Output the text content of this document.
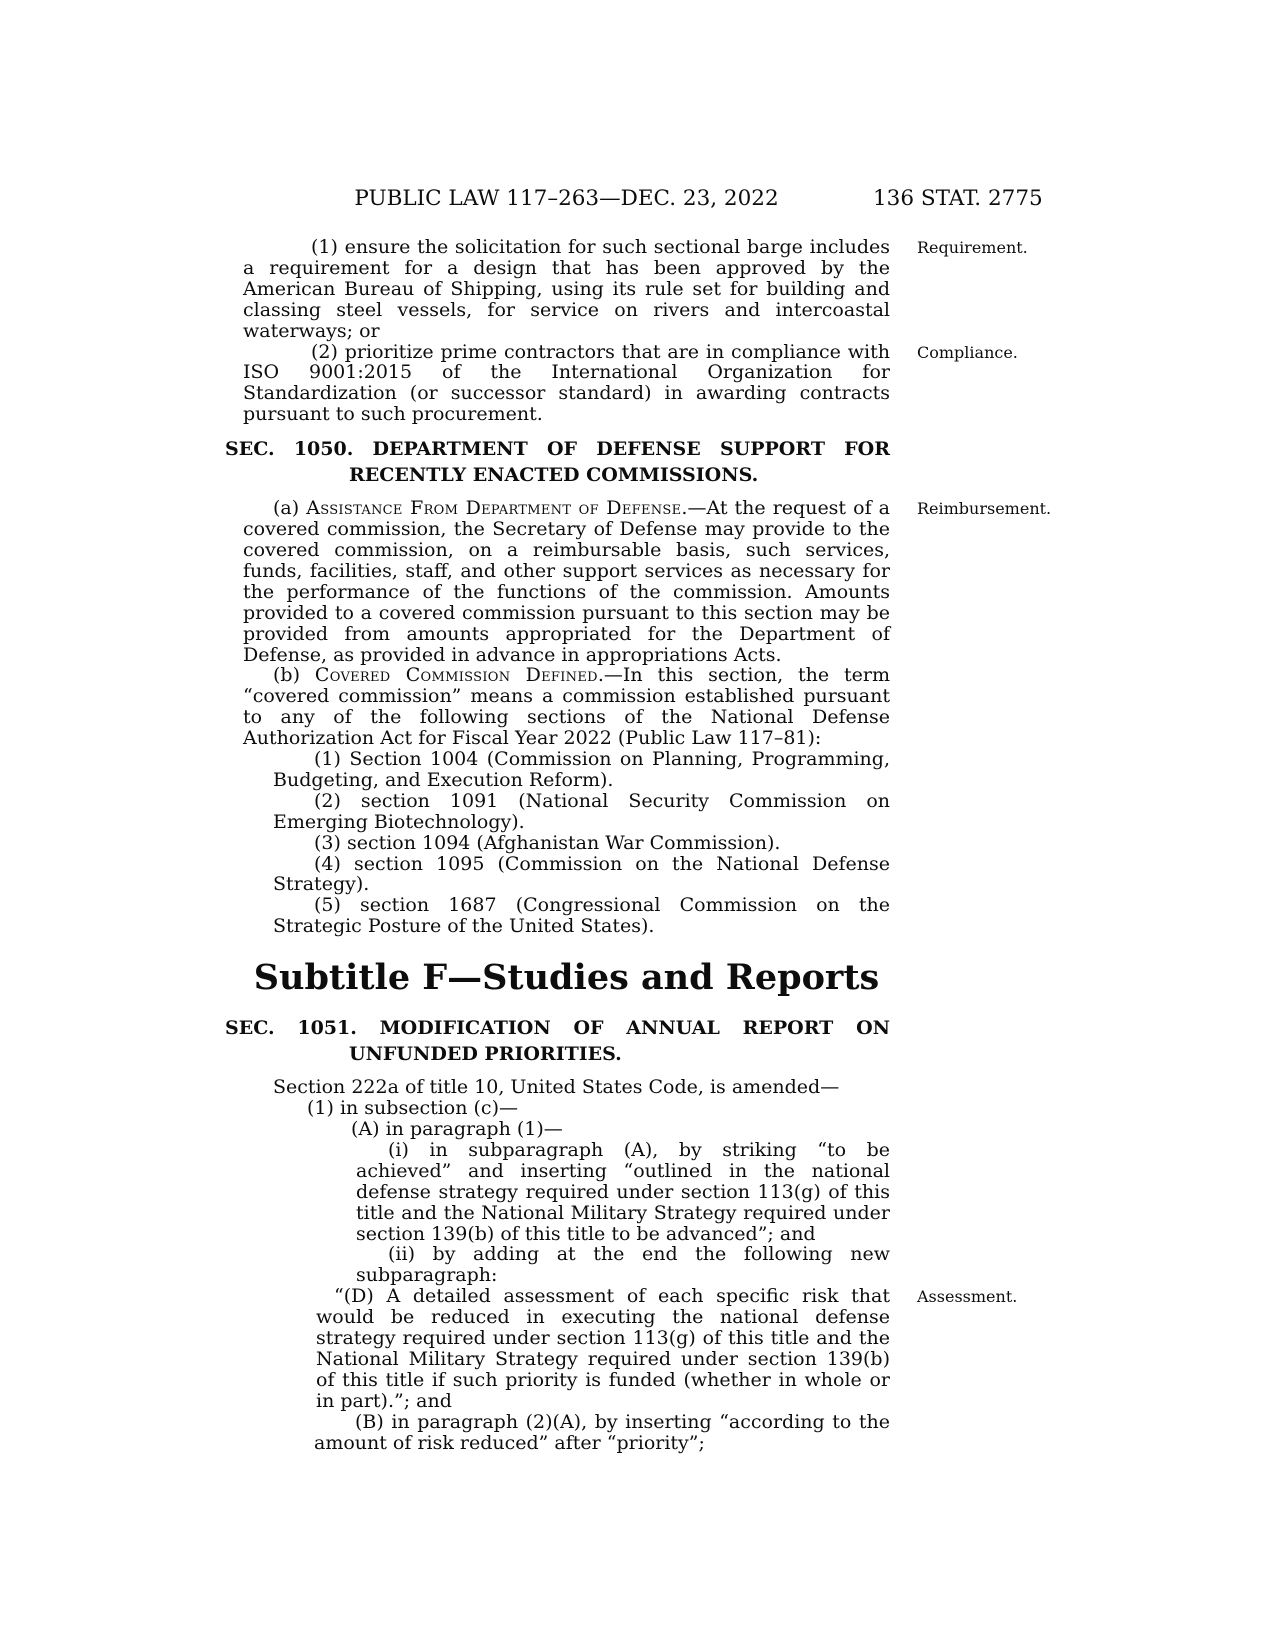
PUBLIC LAW 117–263—DEC. 23, 2022	136 STAT. 2775

(1) ensure the solicitation for such sectional barge includes a requirement for a design that has been approved by the American Bureau of Shipping, using its rule set for building and classing steel vessels, for service on rivers and intercoastal waterways; or
Requirement.

(2) prioritize prime contractors that are in compliance with ISO 9001:2015 of the International Organization for Standardization (or successor standard) in awarding contracts pursuant to such procurement.
Compliance.

SEC. 1050. DEPARTMENT OF DEFENSE SUPPORT FOR RECENTLY ENACTED COMMISSIONS.

(a) Assistance From Department of Defense.—At the request of a covered commission, the Secretary of Defense may provide to the covered commission, on a reimbursable basis, such services, funds, facilities, staff, and other support services as necessary for the performance of the functions of the commission. Amounts provided to a covered commission pursuant to this section may be provided from amounts appropriated for the Department of Defense, as provided in advance in appropriations Acts.
Reimbursement.

(b) Covered Commission Defined.—In this section, the term “covered commission” means a commission established pursuant to any of the following sections of the National Defense Authorization Act for Fiscal Year 2022 (Public Law 117–81):

(1) Section 1004 (Commission on Planning, Programming, Budgeting, and Execution Reform).

(2) section 1091 (National Security Commission on Emerging Biotechnology).

(3) section 1094 (Afghanistan War Commission).

(4) section 1095 (Commission on the National Defense Strategy).

(5) section 1687 (Congressional Commission on the Strategic Posture of the United States).

Subtitle F—Studies and Reports

SEC. 1051. MODIFICATION OF ANNUAL REPORT ON UNFUNDED PRIORITIES.

Section 222a of title 10, United States Code, is amended—

(1) in subsection (c)—

(A) in paragraph (1)—

(i) in subparagraph (A), by striking “to be achieved” and inserting “outlined in the national defense strategy required under section 113(g) of this title and the National Military Strategy required under section 139(b) of this title to be advanced”; and

(ii) by adding at the end the following new subparagraph:

“(D) A detailed assessment of each specific risk that would be reduced in executing the national defense strategy required under section 113(g) of this title and the National Military Strategy required under section 139(b) of this title if such priority is funded (whether in whole or in part).”; and
Assessment.

(B) in paragraph (2)(A), by inserting “according to the amount of risk reduced” after “priority”;
